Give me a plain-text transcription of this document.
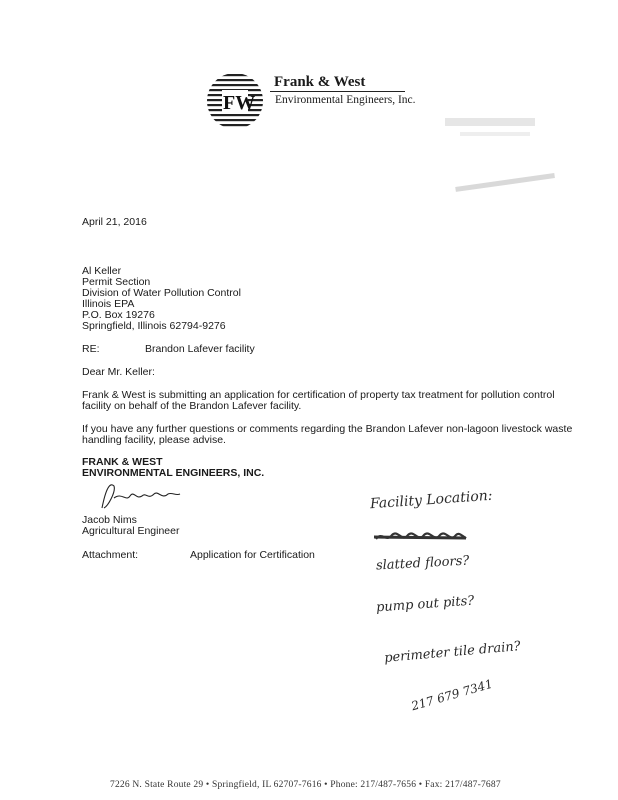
FW
Frank & West
Environmental Engineers, Inc.
April 21, 2016
Al Keller
Permit Section
Division of Water Pollution Control
Illinois EPA
P.O. Box 19276
Springfield, Illinois 62794-9276
RE:	Brandon Lafever facility
Dear Mr. Keller:
Frank & West is submitting an application for certification of property tax treatment for pollution control
facility on behalf of the Brandon Lafever facility.
If you have any further questions or comments regarding the Brandon Lafever non-lagoon livestock waste
handling facility, please advise.
FRANK & WEST
ENVIRONMENTAL ENGINEERS, INC.
Jacob Nims
Agricultural Engineer
Attachment:	Application for Certification
Facility Location:
slatted floors?
pump out pits?
perimeter tile drain?
217 679 7341
7226 N. State Route 29 • Springfield, IL 62707-7616 • Phone: 217/487-7656 • Fax: 217/487-7687
